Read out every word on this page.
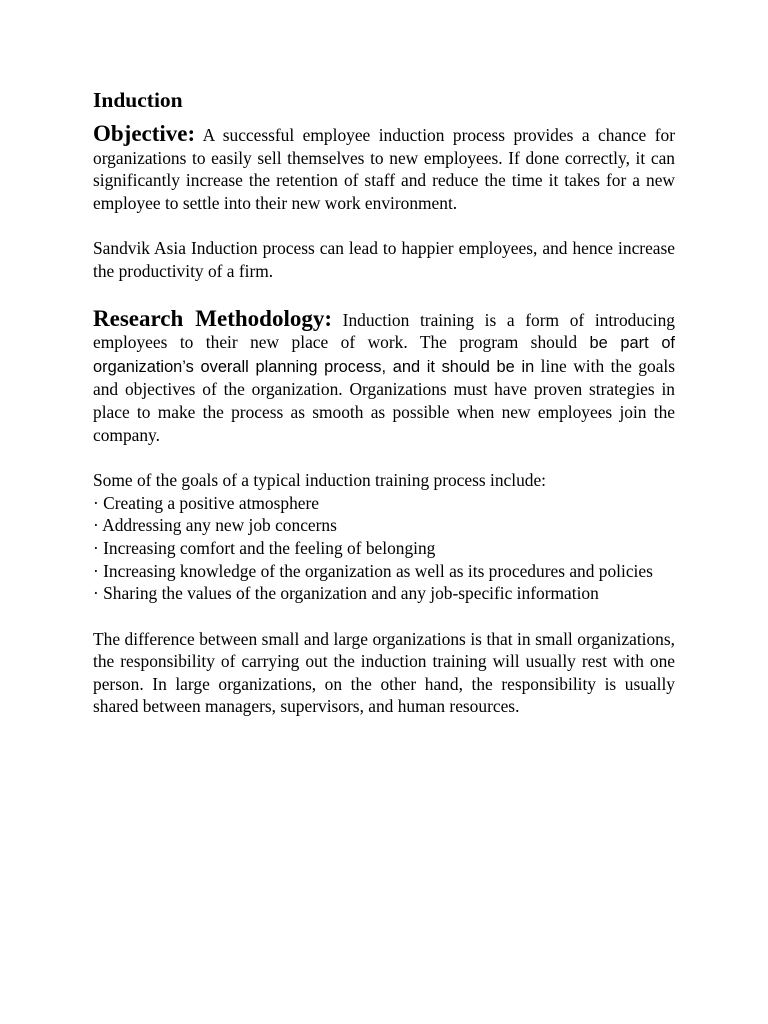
Induction

Objective: A successful employee induction process provides a chance for organizations to easily sell themselves to new employees. If done correctly, it can significantly increase the retention of staff and reduce the time it takes for a new employee to settle into their new work environment.

Sandvik Asia Induction process can lead to happier employees, and hence increase the productivity of a firm.

Research Methodology: Induction training is a form of introducing employees to their new place of work. The program should be part of organization’s overall planning process, and it should be in line with the goals and objectives of the organization. Organizations must have proven strategies in place to make the process as smooth as possible when new employees join the company.

Some of the goals of a typical induction training process include:
· Creating a positive atmosphere
· Addressing any new job concerns
· Increasing comfort and the feeling of belonging
· Increasing knowledge of the organization as well as its procedures and policies
· Sharing the values of the organization and any job-specific information

The difference between small and large organizations is that in small organizations, the responsibility of carrying out the induction training will usually rest with one person. In large organizations, on the other hand, the responsibility is usually shared between managers, supervisors, and human resources.
